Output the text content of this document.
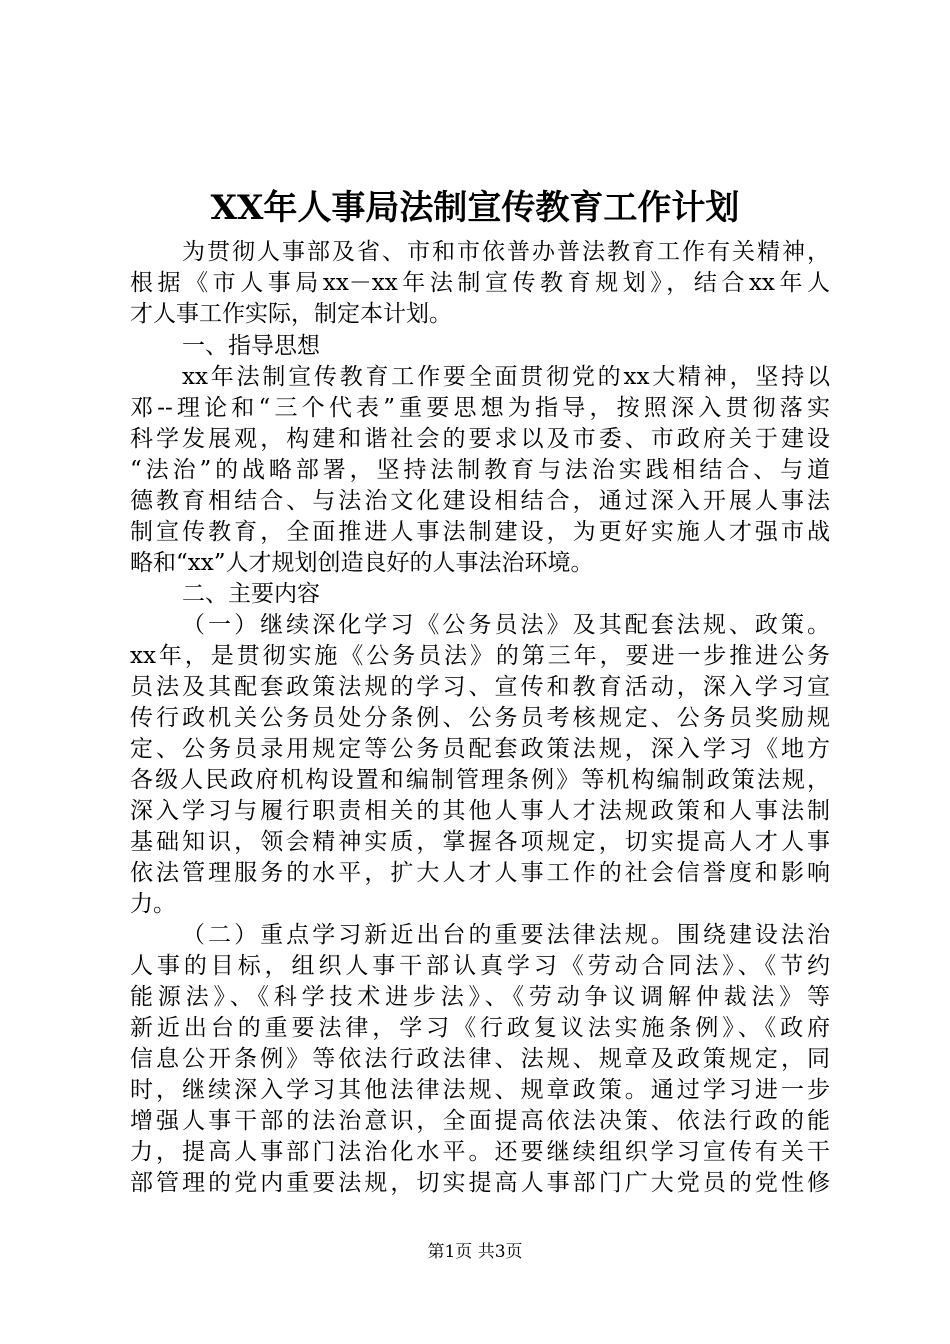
XX年人事局法制宣传教育工作计划
为贯彻人事部及省、市和市依普办普法教育工作有关精神，
根据《市人事局xx－xx年法制宣传教育规划》，结合xx年人
才人事工作实际，制定本计划。
一、指导思想
xx年法制宣传教育工作要全面贯彻党的xx大精神，坚持以
邓--理论和“三个代表”重要思想为指导，按照深入贯彻落实
科学发展观，构建和谐社会的要求以及市委、市政府关于建设
“法治”的战略部署，坚持法制教育与法治实践相结合、与道
德教育相结合、与法治文化建设相结合，通过深入开展人事法
制宣传教育，全面推进人事法制建设，为更好实施人才强市战
略和“xx”人才规划创造良好的人事法治环境。
二、主要内容
（一）继续深化学习《公务员法》及其配套法规、政策。
xx年，是贯彻实施《公务员法》的第三年，要进一步推进公务
员法及其配套政策法规的学习、宣传和教育活动，深入学习宣
传行政机关公务员处分条例、公务员考核规定、公务员奖励规
定、公务员录用规定等公务员配套政策法规，深入学习《地方
各级人民政府机构设置和编制管理条例》等机构编制政策法规，
深入学习与履行职责相关的其他人事人才法规政策和人事法制
基础知识，领会精神实质，掌握各项规定，切实提高人才人事
依法管理服务的水平，扩大人才人事工作的社会信誉度和影响
力。
（二）重点学习新近出台的重要法律法规。围绕建设法治
人事的目标，组织人事干部认真学习《劳动合同法》、《节约
能源法》、《科学技术进步法》、《劳动争议调解仲裁法》等
新近出台的重要法律，学习《行政复议法实施条例》、《政府
信息公开条例》等依法行政法律、法规、规章及政策规定，同
时，继续深入学习其他法律法规、规章政策。通过学习进一步
增强人事干部的法治意识，全面提高依法决策、依法行政的能
力，提高人事部门法治化水平。还要继续组织学习宣传有关干
部管理的党内重要法规，切实提高人事部门广大党员的党性修
第1页 共3页
